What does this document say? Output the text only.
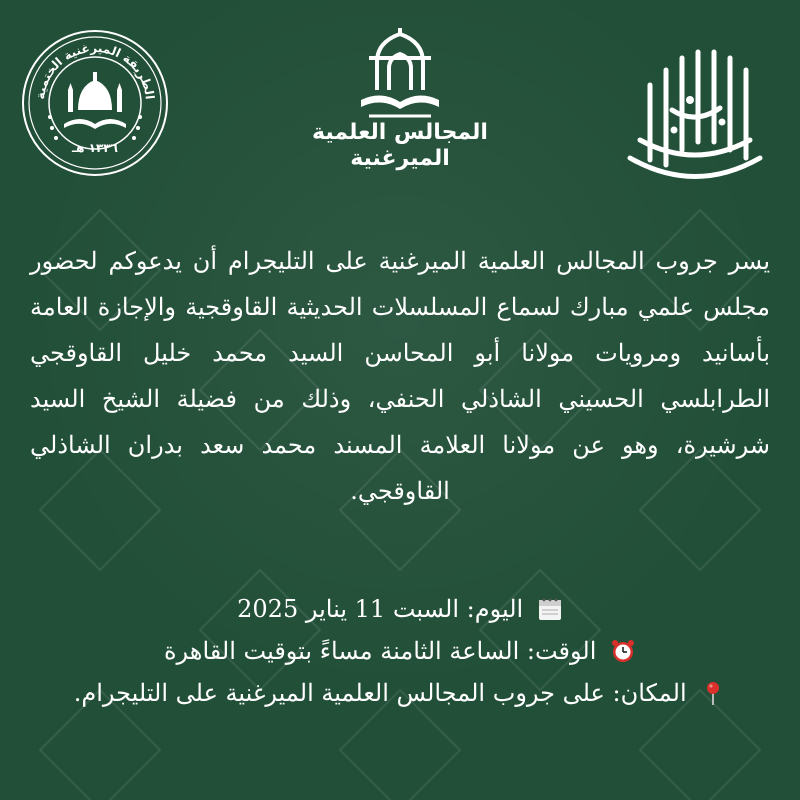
الطريقة الميرغنية الختمية
١٣٣٦ هـ
المجالس العلمية
الميرغنية
يسر جروب المجالس العلمية الميرغنية على التليجرام أن يدعوكم لحضور مجلس علمي مبارك لسماع المسلسلات الحديثية القاوقجية والإجازة العامة بأسانيد ومرويات مولانا أبو المحاسن السيد محمد خليل القاوقجي الطرابلسي الحسيني الشاذلي الحنفي، وذلك من فضيلة الشيخ السيد شرشيرة، وهو عن مولانا العلامة المسند محمد سعد بدران الشاذلي القاوقجي.
اليوم: السبت 11 يناير 2025
الوقت: الساعة الثامنة مساءً بتوقيت القاهرة
المكان: على جروب المجالس العلمية الميرغنية على التليجرام.
